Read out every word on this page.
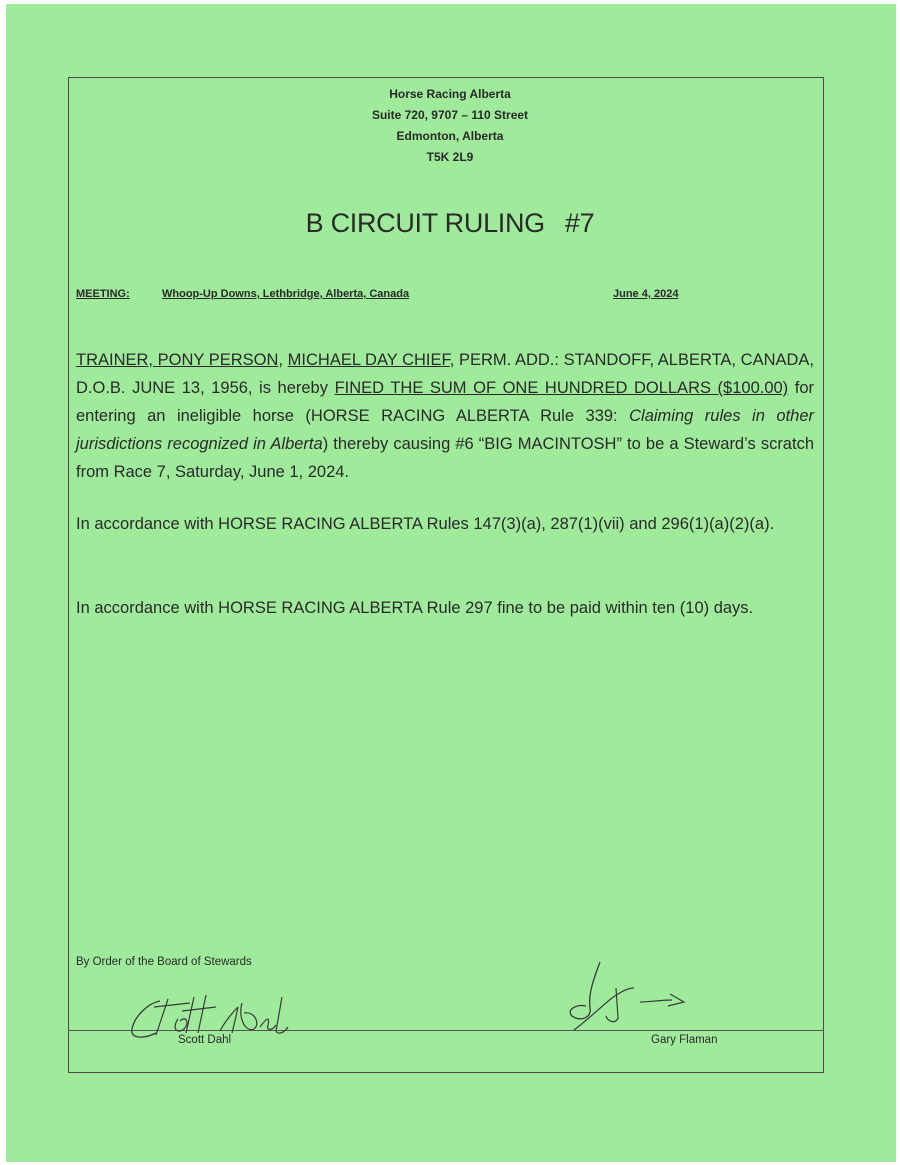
Horse Racing Alberta
Suite 720, 9707 – 110 Street
Edmonton, Alberta
T5K 2L9
B CIRCUIT RULING #7
MEETING:	Whoop-Up Downs, Lethbridge, Alberta, Canada	June 4, 2024
TRAINER, PONY PERSON, MICHAEL DAY CHIEF, PERM. ADD.: STANDOFF, ALBERTA, CANADA, D.O.B. JUNE 13, 1956, is hereby FINED THE SUM OF ONE HUNDRED DOLLARS ($100.00) for entering an ineligible horse (HORSE RACING ALBERTA Rule 339: Claiming rules in other jurisdictions recognized in Alberta) thereby causing #6 “BIG MACINTOSH” to be a Steward’s scratch from Race 7, Saturday, June 1, 2024.
In accordance with HORSE RACING ALBERTA Rules 147(3)(a), 287(1)(vii) and 296(1)(a)(2)(a).
In accordance with HORSE RACING ALBERTA Rule 297 fine to be paid within ten (10) days.
By Order of the Board of Stewards
Scott Dahl	Gary Flaman
